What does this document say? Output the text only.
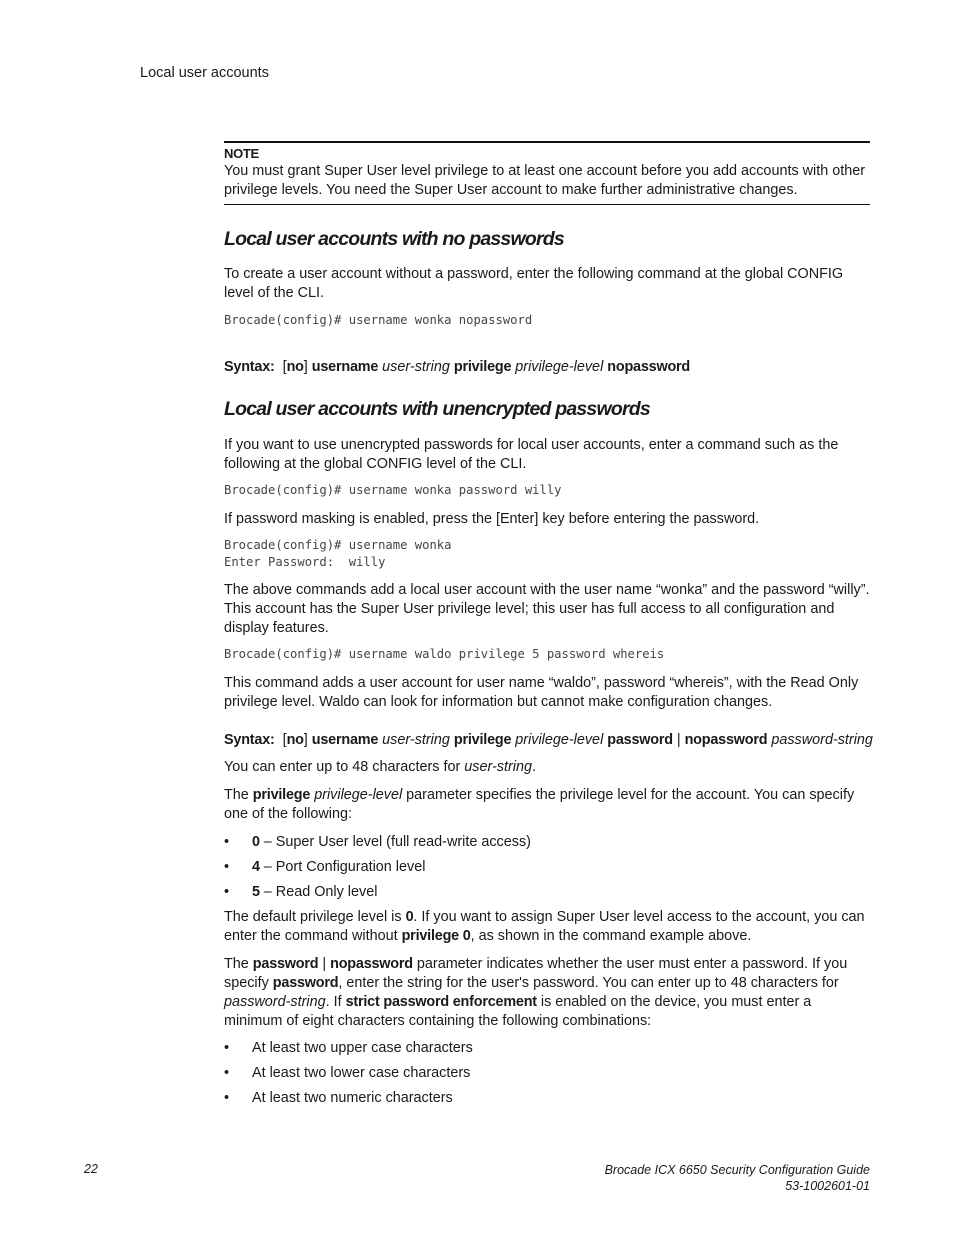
Local user accounts
NOTE

You must grant Super User level privilege to at least one account before you add accounts with other privilege levels. You need the Super User account to make further administrative changes.

Local user accounts with no passwords

To create a user account without a password, enter the following command at the global CONFIG level of the CLI.

Brocade(config)# username wonka nopassword

Syntax: [no] username user-string privilege privilege-level nopassword

Local user accounts with unencrypted passwords

If you want to use unencrypted passwords for local user accounts, enter a command such as the following at the global CONFIG level of the CLI.

Brocade(config)# username wonka password willy

If password masking is enabled, press the [Enter] key before entering the password.

Brocade(config)# username wonka
Enter Password:  willy

The above commands add a local user account with the user name “wonka” and the password “willy”. This account has the Super User privilege level; this user has full access to all configuration and display features.

Brocade(config)# username waldo privilege 5 password whereis

This command adds a user account for user name “waldo”, password “whereis”, with the Read Only privilege level. Waldo can look for information but cannot make configuration changes.

Syntax: [no] username user-string privilege privilege-level password | nopassword password-string

You can enter up to 48 characters for user-string.

The privilege privilege-level parameter specifies the privilege level for the account. You can specify one of the following:

•	0 – Super User level (full read-write access)
•	4 – Port Configuration level
•	5 – Read Only level

The default privilege level is 0. If you want to assign Super User level access to the account, you can enter the command without privilege 0, as shown in the command example above.

The password | nopassword parameter indicates whether the user must enter a password. If you specify password, enter the string for the user's password. You can enter up to 48 characters for password-string. If strict password enforcement is enabled on the device, you must enter a minimum of eight characters containing the following combinations:

•	At least two upper case characters
•	At least two lower case characters
•	At least two numeric characters
22	Brocade ICX 6650 Security Configuration Guide
53-1002601-01
